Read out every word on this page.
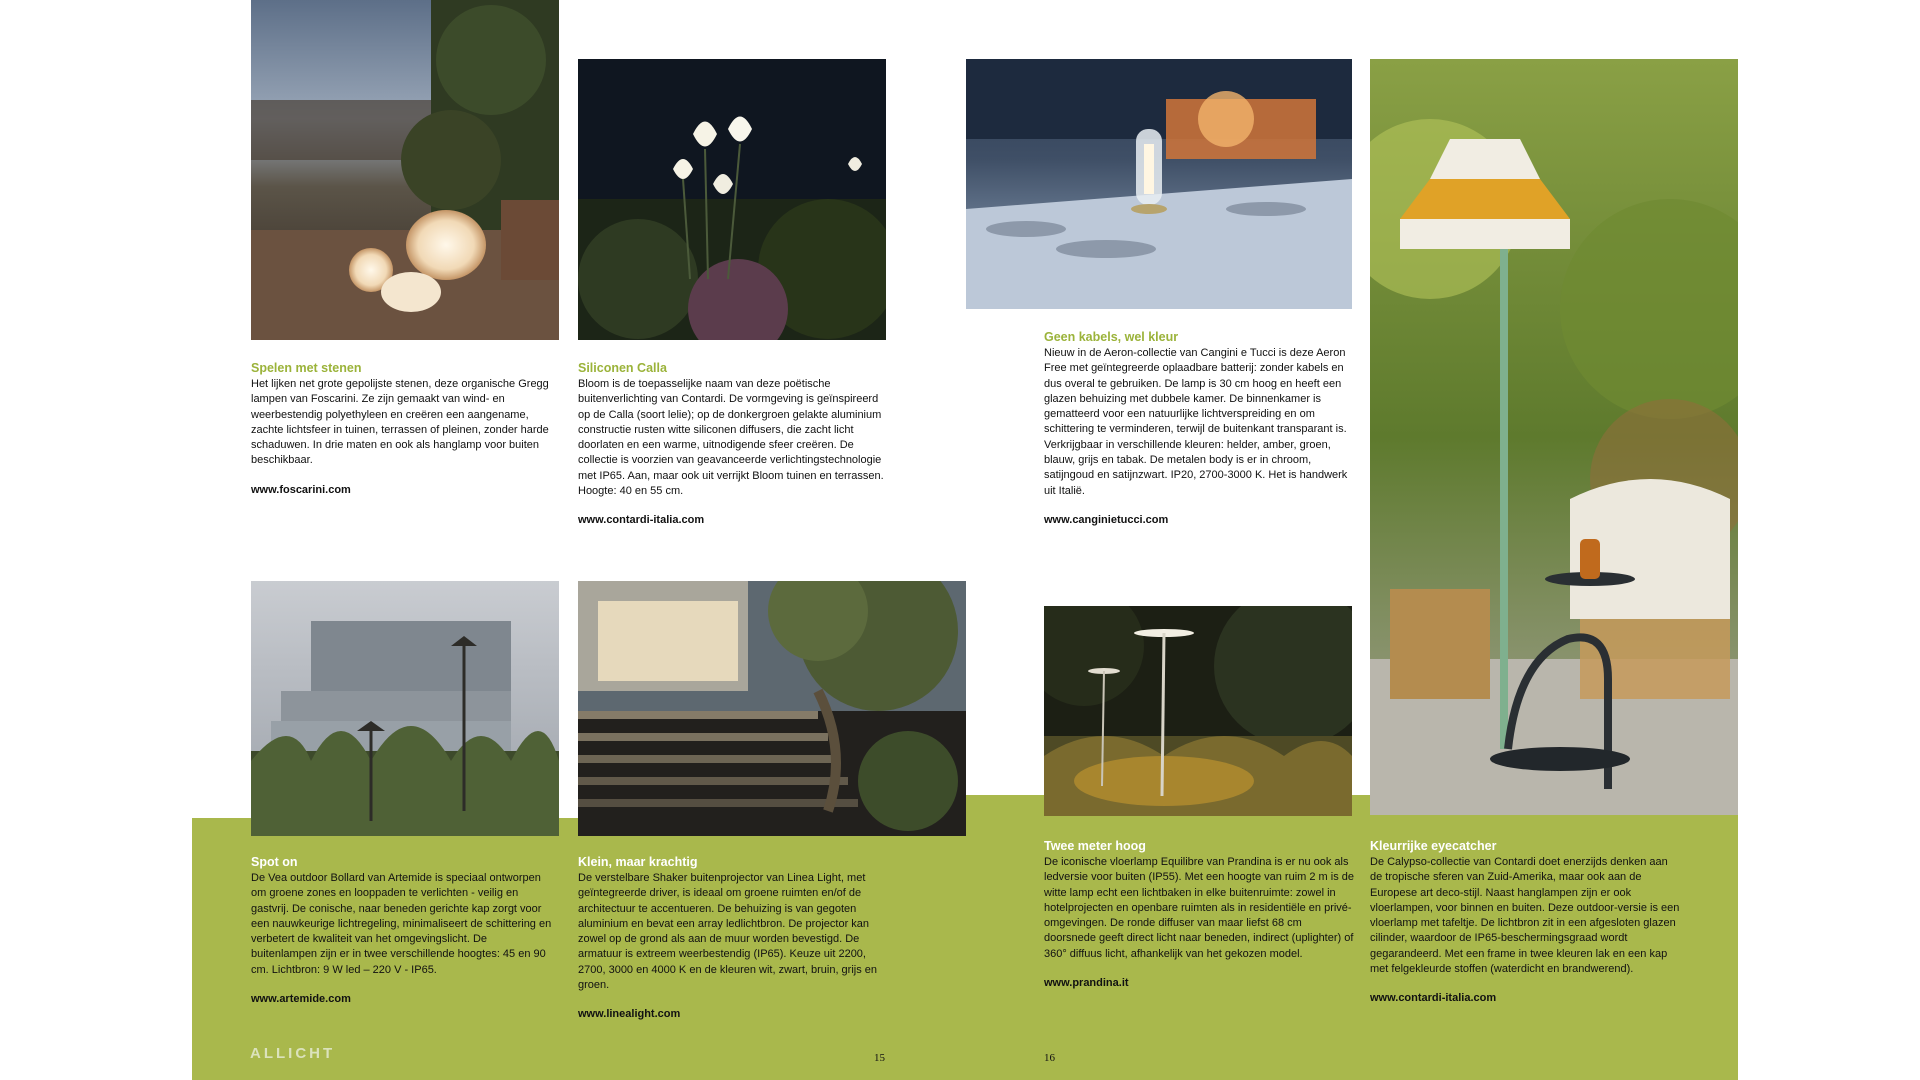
Spelen met stenen

Het lijken net grote gepolijste stenen, deze organische Gregg lampen van Foscarini. Ze zijn gemaakt van wind- en weerbestendig polyethyleen en creëren een aangename, zachte lichtsfeer in tuinen, terrassen of pleinen, zonder harde schaduwen. In drie maten en ook als hanglamp voor buiten beschikbaar.

www.foscarini.com

Siliconen Calla

Bloom is de toepasselijke naam van deze poëtische buitenverlichting van Contardi. De vormgeving is geïnspireerd op de Calla (soort lelie); op de donkergroen gelakte aluminium constructie rusten witte siliconen diffusers, die zacht licht doorlaten en een warme, uitnodigende sfeer creëren. De collectie is voorzien van geavanceerde verlichtingstechnologie met IP65. Aan, maar ook uit verrijkt Bloom tuinen en terrassen. Hoogte: 40 en 55 cm.

www.contardi-italia.com

Geen kabels, wel kleur

Nieuw in de Aeron-collectie van Cangini e Tucci is deze Aeron Free met geïntegreerde oplaadbare batterij: zonder kabels en dus overal te gebruiken. De lamp is 30 cm hoog en heeft een glazen behuizing met dubbele kamer. De binnenkamer is gematteerd voor een natuurlijke lichtverspreiding en om schittering te verminderen, terwijl de buitenkant transparant is. Verkrijgbaar in verschillende kleuren: helder, amber, groen, blauw, grijs en tabak. De metalen body is er in chroom, satijngoud en satijnzwart. IP20, 2700-3000 K. Het is handwerk uit Italië.

www.canginietucci.com

Spot on

De Vea outdoor Bollard van Artemide is speciaal ontworpen om groene zones en looppaden te verlichten - veilig en gastvrij. De conische, naar beneden gerichte kap zorgt voor een nauwkeurige lichtregeling, minimaliseert de schittering en verbetert de kwaliteit van het omgevingslicht. De buitenlampen zijn er in twee verschillende hoogtes: 45 en 90 cm. Lichtbron: 9 W led – 220 V - IP65.

www.artemide.com

Klein, maar krachtig

De verstelbare Shaker buitenprojector van Linea Light, met geïntegreerde driver, is ideaal om groene ruimten en/of de architectuur te accentueren. De behuizing is van gegoten aluminium en bevat een array ledlichtbron. De projector kan zowel op de grond als aan de muur worden bevestigd. De armatuur is extreem weerbestendig (IP65). Keuze uit 2200, 2700, 3000 en 4000 K en de kleuren wit, zwart, bruin, grijs en groen.

www.linealight.com

Twee meter hoog

De iconische vloerlamp Equilibre van Prandina is er nu ook als ledversie voor buiten (IP55). Met een hoogte van ruim 2 m is de witte lamp echt een lichtbaken in elke buitenruimte: zowel in hotelprojecten en openbare ruimten als in residentiële en privé-omgevingen. De ronde diffuser van maar liefst 68 cm doorsnede geeft direct licht naar beneden, indirect (uplighter) of 360° diffuus licht, afhankelijk van het gekozen model.

www.prandina.it

Kleurrijke eyecatcher

De Calypso-collectie van Contardi doet enerzijds denken aan de tropische sferen van Zuid-Amerika, maar ook aan de Europese art deco-stijl. Naast hanglampen zijn er ook vloerlampen, voor binnen en buiten. Deze outdoor-versie is een vloerlamp met tafeltje. De lichtbron zit in een afgesloten glazen cilinder, waardoor de IP65-beschermingsgraad wordt gegarandeerd. Met een frame in twee kleuren lak en een kap met felgekleurde stoffen (waterdicht en brandwerend).

www.contardi-italia.com
ALLICHT	15	16
